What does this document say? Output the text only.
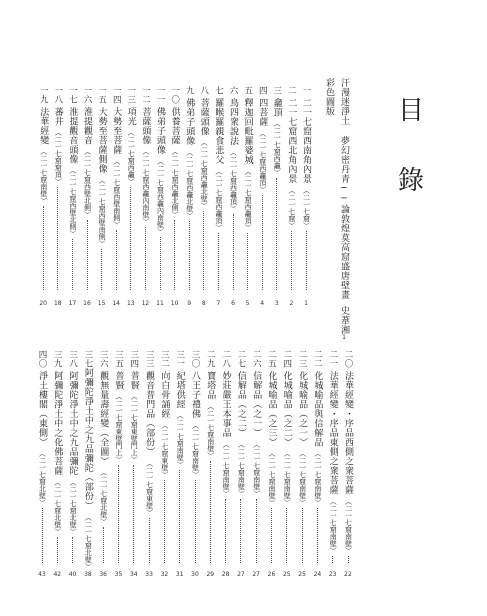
目
錄
汗漫迷淨土 夢幻密丹青──論敦煌莫高窟盛唐壁畫
史葦湘
1
彩色圖版
一
二一七窟西南角內景
（二一七窟）
1
二
二一七窟西北角內景
（二一七窟）
2
三
龕頂
（二一七窟西龕）
3
四
四菩薩
（二一七窟西龕頂）
4
五
釋迦回毗羅婆城
（二一七窟西龕頂）
5
六
鳥四衆說法
（二一七窟西龕頂）
6
七
羅睺羅親食悲父
（二一七窟西龕頂）
7
八
菩薩頭像
（二一七窟西龕北壁）
8
九
佛弟子頭像
（二一七窟西龕北壁）
9
一〇
供養菩薩
（二一七窟西龕北側）
10
一一
佛弟子頭像
（二一七窟西龕內南壁）
11
一二
菩薩頭像
（二一七窟西龕內南壁）
12
一三
項光
（二一七窟西龕）
13
一四
大勢至菩薩
（二一七窟西壁南側）
14
一五
大勢至菩薩側像
（二一七窟西壁南側）
15
一六
淮提觀音
（二一七窟西壁北側）
16
一七
淮提觀音頭像
（二一七窟西壁北側）
17
一八
蕃井
（二一七窟窟頂）
18
一九
法華經變
（二一七窟南壁）
20
二〇
法華經變・序品西側之衆菩薩
（二一七窟南壁）
22
二一
法華經變・序品東側之衆菩薩
（二一七窟南壁）
23
二二
化城喻品與信解品
（二一七窟南壁）
24
二三
化城喻品（之一）
（二一七窟南壁）
25
二四
化城喻品（之二）
（二一七窟南壁）
25
二五
化城喻品（之三）
（二一七窟南壁）
26
二六
信解品（之一）
（二一七窟南壁）
27
二七
信解品（之二）
（二一七窟南壁）
27
二八
妙莊嚴王本事品
（二一七窟南壁）
28
二九
寶塔品
（二一七窟南壁）
29
三〇
八王子禮佛
（二一七窟南壁）
30
三一
紀塔供經
（二一七窟南壁）
31
三二
向白骨誦經
（二一七窟東壁）
32
三三
觀音普門品（部份）
（二一七窟東壁）
33
三四
普賢
（二一七窟東壁門上）
34
三五
普賢
（二一七窟東壁門上）
35
三六
觀無量壽經變（全圖）
（二一七窟北壁）
36
三七
阿彌陀淨土中之九品彌陀（部份）
（二一七窟北壁）
38
三八
阿彌陀淨土中之九品彌陀
（二一七窟北壁）
40
三九
阿彌陀淨土中之化佛菩薩
（二一七窟北壁）
42
四〇
淨土樓閣（東側）
（二一七窟北壁）
43
